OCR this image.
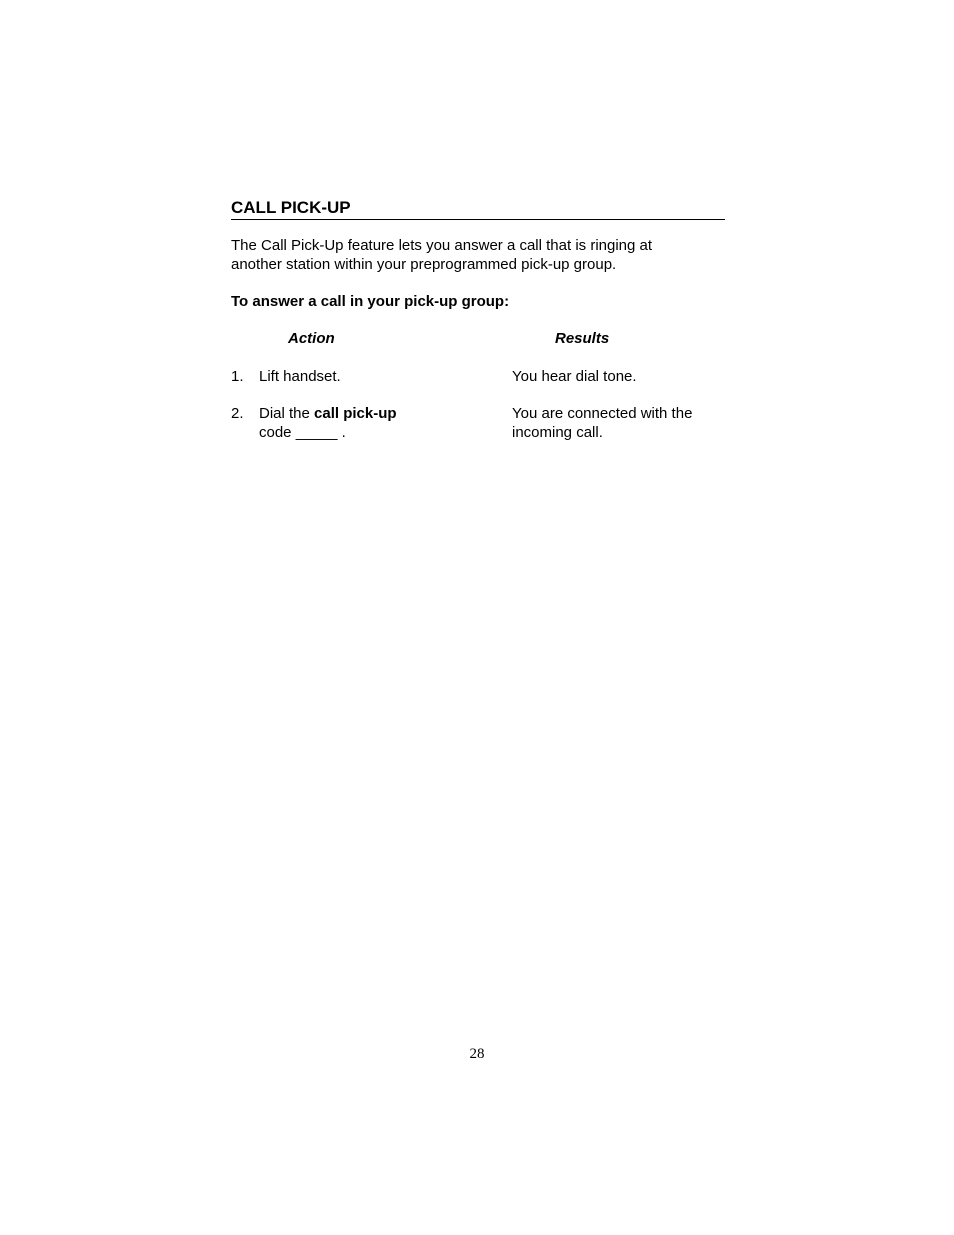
CALL PICK-UP

The Call Pick-Up feature lets you answer a call that is ringing at
another station within your preprogrammed pick-up group.

To answer a call in your pick-up group:

Action	Results
1. Lift handset.	You hear dial tone.
2. Dial the call pick-up
code _____ .
You are connected with the
incoming call.
28
